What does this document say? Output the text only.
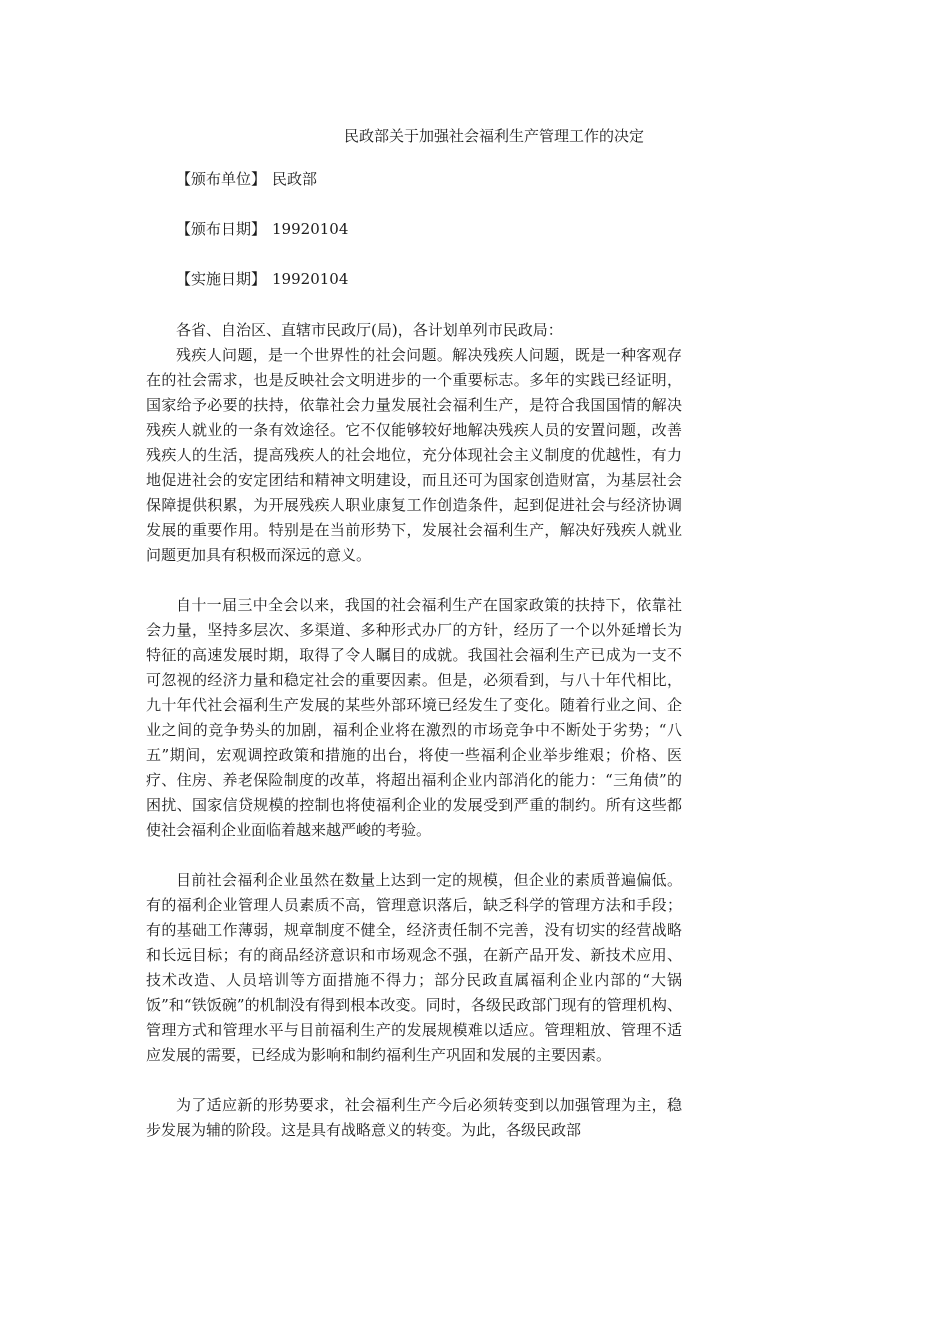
民政部关于加强社会福利生产管理工作的决定
【颁布单位】 民政部
【颁布日期】 19920104
【实施日期】 19920104

各省、自治区、直辖市民政厅(局)，各计划单列市民政局：

残疾人问题，是一个世界性的社会问题。解决残疾人问题，既是一种客观存在的社会需求，也是反映社会文明进步的一个重要标志。多年的实践已经证明，国家给予必要的扶持，依靠社会力量发展社会福利生产，是符合我国国情的解决残疾人就业的一条有效途径。它不仅能够较好地解决残疾人员的安置问题，改善残疾人的生活，提高残疾人的社会地位，充分体现社会主义制度的优越性，有力地促进社会的安定团结和精神文明建设，而且还可为国家创造财富，为基层社会保障提供积累，为开展残疾人职业康复工作创造条件，起到促进社会与经济协调发展的重要作用。特别是在当前形势下，发展社会福利生产，解决好残疾人就业问题更加具有积极而深远的意义。

自十一届三中全会以来，我国的社会福利生产在国家政策的扶持下，依靠社会力量，坚持多层次、多渠道、多种形式办厂的方针，经历了一个以外延增长为特征的高速发展时期，取得了令人瞩目的成就。我国社会福利生产已成为一支不可忽视的经济力量和稳定社会的重要因素。但是，必须看到，与八十年代相比，九十年代社会福利生产发展的某些外部环境已经发生了变化。随着行业之间、企业之间的竞争势头的加剧，福利企业将在激烈的市场竞争中不断处于劣势；“八五”期间，宏观调控政策和措施的出台，将使一些福利企业举步维艰；价格、医疗、住房、养老保险制度的改革，将超出福利企业内部消化的能力：“三角债”的困扰、国家信贷规模的控制也将使福利企业的发展受到严重的制约。所有这些都使社会福利企业面临着越来越严峻的考验。

目前社会福利企业虽然在数量上达到一定的规模，但企业的素质普遍偏低。有的福利企业管理人员素质不高，管理意识落后，缺乏科学的管理方法和手段；有的基础工作薄弱，规章制度不健全，经济责任制不完善，没有切实的经营战略和长远目标；有的商品经济意识和市场观念不强，在新产品开发、新技术应用、技术改造、人员培训等方面措施不得力；部分民政直属福利企业内部的“大锅饭”和“铁饭碗”的机制没有得到根本改变。同时，各级民政部门现有的管理机构、管理方式和管理水平与目前福利生产的发展规模难以适应。管理粗放、管理不适应发展的需要，已经成为影响和制约福利生产巩固和发展的主要因素。

为了适应新的形势要求，社会福利生产今后必须转变到以加强管理为主，稳步发展为辅的阶段。这是具有战略意义的转变。为此，各级民政部
